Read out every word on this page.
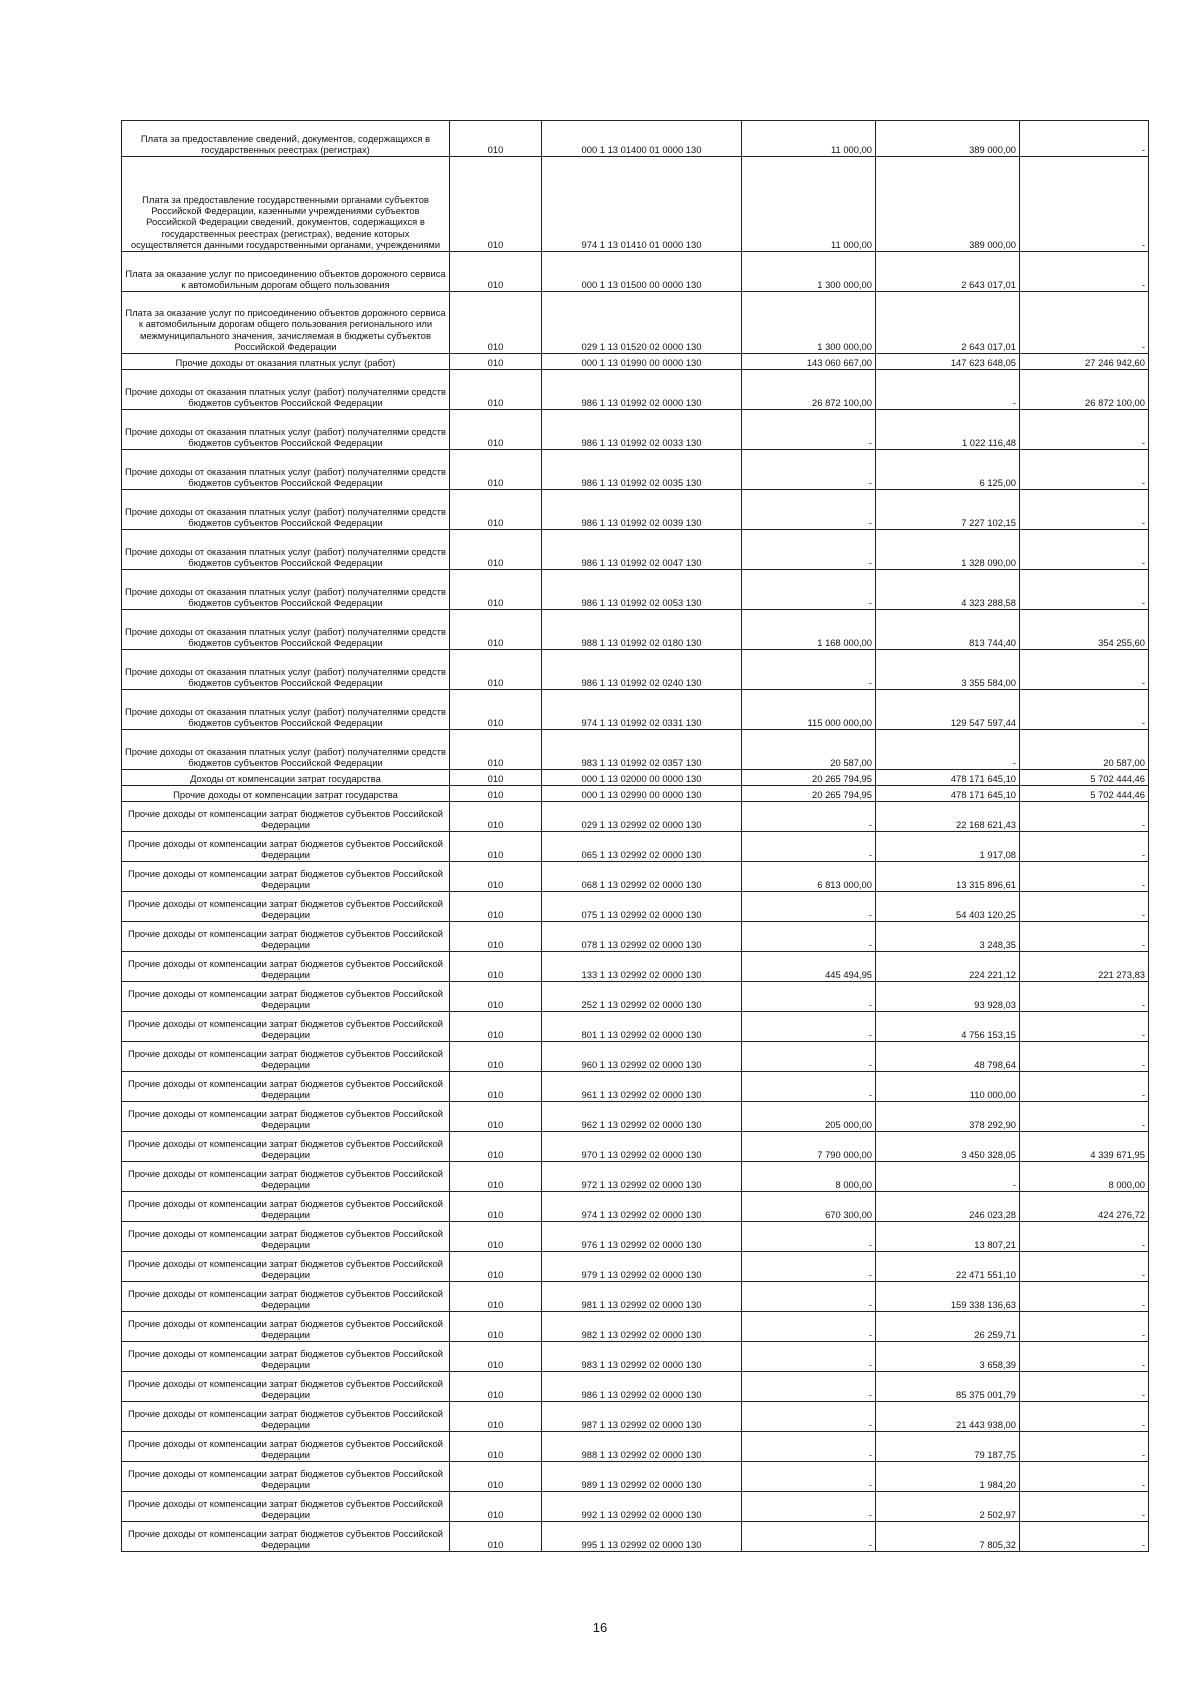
Плата за предоставление сведений, документов, содержащихся в государственных реестрах (регистрах)	010	000 1 13 01400 01 0000 130	11 000,00	389 000,00	-
Плата за предоставление государственными органами субъектов Российской Федерации, казенными учреждениями субъектов Российской Федерации сведений, документов, содержащихся в государственных реестрах (регистрах), ведение которых осуществляется данными государственными органами, учреждениями	010	974 1 13 01410 01 0000 130	11 000,00	389 000,00	-
Плата за оказание услуг по присоединению объектов дорожного сервиса к автомобильным дорогам общего пользования	010	000 1 13 01500 00 0000 130	1 300 000,00	2 643 017,01	-
Плата за оказание услуг по присоединению объектов дорожного сервиса к автомобильным дорогам общего пользования регионального или межмуниципального значения, зачисляемая в бюджеты субъектов Российской Федерации	010	029 1 13 01520 02 0000 130	1 300 000,00	2 643 017,01	-
Прочие доходы от оказания платных услуг (работ)	010	000 1 13 01990 00 0000 130	143 060 667,00	147 623 648,05	27 246 942,60
Прочие доходы от оказания платных услуг (работ) получателями средств бюджетов субъектов Российской Федерации	010	986 1 13 01992 02 0000 130	26 872 100,00	-	26 872 100,00
Прочие доходы от оказания платных услуг (работ) получателями средств бюджетов субъектов Российской Федерации	010	986 1 13 01992 02 0033 130	-	1 022 116,48	-
Прочие доходы от оказания платных услуг (работ) получателями средств бюджетов субъектов Российской Федерации	010	986 1 13 01992 02 0035 130	-	6 125,00	-
Прочие доходы от оказания платных услуг (работ) получателями средств бюджетов субъектов Российской Федерации	010	986 1 13 01992 02 0039 130	-	7 227 102,15	-
Прочие доходы от оказания платных услуг (работ) получателями средств бюджетов субъектов Российской Федерации	010	986 1 13 01992 02 0047 130	-	1 328 090,00	-
Прочие доходы от оказания платных услуг (работ) получателями средств бюджетов субъектов Российской Федерации	010	986 1 13 01992 02 0053 130	-	4 323 288,58	-
Прочие доходы от оказания платных услуг (работ) получателями средств бюджетов субъектов Российской Федерации	010	988 1 13 01992 02 0180 130	1 168 000,00	813 744,40	354 255,60
Прочие доходы от оказания платных услуг (работ) получателями средств бюджетов субъектов Российской Федерации	010	986 1 13 01992 02 0240 130	-	3 355 584,00	-
Прочие доходы от оказания платных услуг (работ) получателями средств бюджетов субъектов Российской Федерации	010	974 1 13 01992 02 0331 130	115 000 000,00	129 547 597,44	-
Прочие доходы от оказания платных услуг (работ) получателями средств бюджетов субъектов Российской Федерации	010	983 1 13 01992 02 0357 130	20 587,00	-	20 587,00
Доходы от компенсации затрат государства	010	000 1 13 02000 00 0000 130	20 265 794,95	478 171 645,10	5 702 444,46
Прочие доходы от компенсации затрат государства	010	000 1 13 02990 00 0000 130	20 265 794,95	478 171 645,10	5 702 444,46
Прочие доходы от компенсации затрат бюджетов субъектов Российской Федерации	010	029 1 13 02992 02 0000 130	-	22 168 621,43	-
Прочие доходы от компенсации затрат бюджетов субъектов Российской Федерации	010	065 1 13 02992 02 0000 130	-	1 917,08	-
Прочие доходы от компенсации затрат бюджетов субъектов Российской Федерации	010	068 1 13 02992 02 0000 130	6 813 000,00	13 315 896,61	-
Прочие доходы от компенсации затрат бюджетов субъектов Российской Федерации	010	075 1 13 02992 02 0000 130	-	54 403 120,25	-
Прочие доходы от компенсации затрат бюджетов субъектов Российской Федерации	010	078 1 13 02992 02 0000 130	-	3 248,35	-
Прочие доходы от компенсации затрат бюджетов субъектов Российской Федерации	010	133 1 13 02992 02 0000 130	445 494,95	224 221,12	221 273,83
Прочие доходы от компенсации затрат бюджетов субъектов Российской Федерации	010	252 1 13 02992 02 0000 130	-	93 928,03	-
Прочие доходы от компенсации затрат бюджетов субъектов Российской Федерации	010	801 1 13 02992 02 0000 130	-	4 756 153,15	-
Прочие доходы от компенсации затрат бюджетов субъектов Российской Федерации	010	960 1 13 02992 02 0000 130	-	48 798,64	-
Прочие доходы от компенсации затрат бюджетов субъектов Российской Федерации	010	961 1 13 02992 02 0000 130	-	110 000,00	-
Прочие доходы от компенсации затрат бюджетов субъектов Российской Федерации	010	962 1 13 02992 02 0000 130	205 000,00	378 292,90	-
Прочие доходы от компенсации затрат бюджетов субъектов Российской Федерации	010	970 1 13 02992 02 0000 130	7 790 000,00	3 450 328,05	4 339 671,95
Прочие доходы от компенсации затрат бюджетов субъектов Российской Федерации	010	972 1 13 02992 02 0000 130	8 000,00	-	8 000,00
Прочие доходы от компенсации затрат бюджетов субъектов Российской Федерации	010	974 1 13 02992 02 0000 130	670 300,00	246 023,28	424 276,72
Прочие доходы от компенсации затрат бюджетов субъектов Российской Федерации	010	976 1 13 02992 02 0000 130	-	13 807,21	-
Прочие доходы от компенсации затрат бюджетов субъектов Российской Федерации	010	979 1 13 02992 02 0000 130	-	22 471 551,10	-
Прочие доходы от компенсации затрат бюджетов субъектов Российской Федерации	010	981 1 13 02992 02 0000 130	-	159 338 136,63	-
Прочие доходы от компенсации затрат бюджетов субъектов Российской Федерации	010	982 1 13 02992 02 0000 130	-	26 259,71	-
Прочие доходы от компенсации затрат бюджетов субъектов Российской Федерации	010	983 1 13 02992 02 0000 130	-	3 658,39	-
Прочие доходы от компенсации затрат бюджетов субъектов Российской Федерации	010	986 1 13 02992 02 0000 130	-	85 375 001,79	-
Прочие доходы от компенсации затрат бюджетов субъектов Российской Федерации	010	987 1 13 02992 02 0000 130	-	21 443 938,00	-
Прочие доходы от компенсации затрат бюджетов субъектов Российской Федерации	010	988 1 13 02992 02 0000 130	-	79 187,75	-
Прочие доходы от компенсации затрат бюджетов субъектов Российской Федерации	010	989 1 13 02992 02 0000 130	-	1 984,20	-
Прочие доходы от компенсации затрат бюджетов субъектов Российской Федерации	010	992 1 13 02992 02 0000 130	-	2 502,97	-
Прочие доходы от компенсации затрат бюджетов субъектов Российской Федерации	010	995 1 13 02992 02 0000 130	-	7 805,32	-
16
